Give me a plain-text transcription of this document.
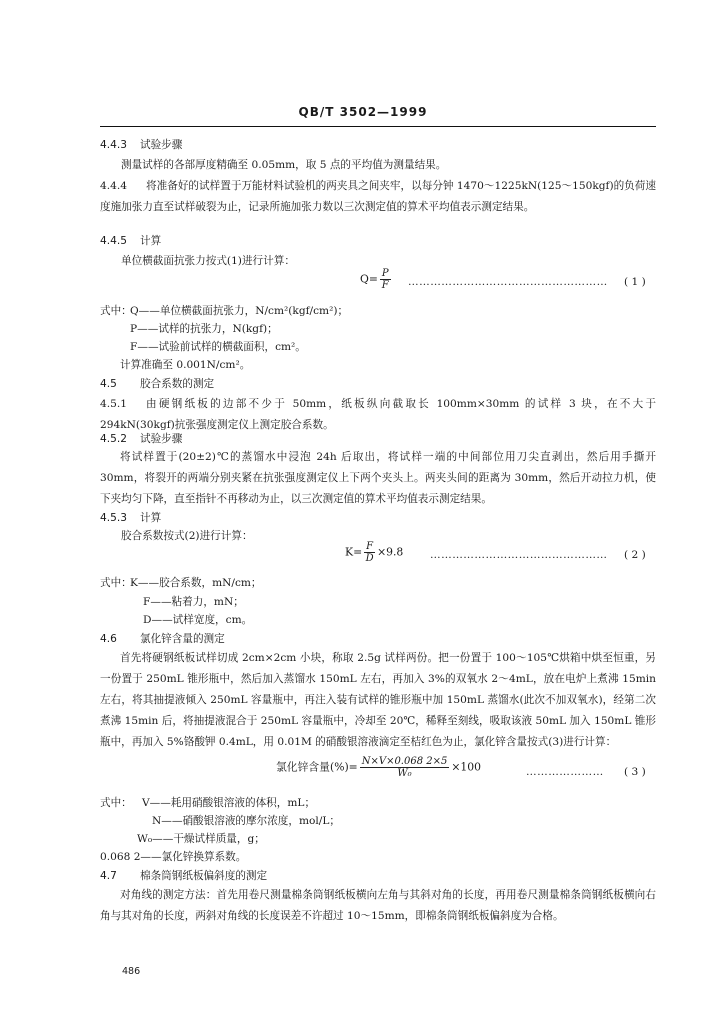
QB/T 3502—1999
4.4.3 试验步骤
测量试样的各部厚度精确至 0.05mm，取 5 点的平均值为测量结果。
4.4.4	将准备好的试样置于万能材料试验机的两夹具之间夹牢，以每分钟 1470～1225kN(125～150kgf)的负荷速度施加张力直至试样破裂为止，记录所施加张力数以三次测定值的算术平均值表示测定结果。
4.4.5 计算
单位横截面抗张力按式(1)进行计算：
$Q= \frac{P}{F}$ ……………………………………………… ( 1 )
式中：
Q——单位横截面抗张力，N/cm²(kgf/cm²)；
P——试样的抗张力，N(kgf)；
F——试验前试样的横截面积，cm²。
计算准确至 0.001N/cm²。
4.5 胶合系数的测定
4.5.1	由硬钢纸板的边部不少于 50mm，纸板纵向截取长 100mm×30mm 的试样 3 块，在不大于 294kN(30kgf)抗张强度测定仪上测定胶合系数。
4.5.2 试验步骤
将试样置于(20±2)℃的蒸馏水中浸泡 24h 后取出，将试样一端的中间部位用刀尖直剥出，然后用手撕开 30mm，将裂开的两端分别夹紧在抗张强度测定仪上下两个夹头上。两夹头间的距离为 30mm，然后开动拉力机，使下夹均匀下降，直至指针不再移动为止，以三次测定值的算术平均值表示测定结果。
4.5.3 计算
胶合系数按式(2)进行计算：
$K= \frac{F}{D} \times 9.8$	………………………………………… ( 2 )
式中：
K——胶合系数，mN/cm；
F——粘着力，mN；
D——试样宽度，cm。
4.6 氯化锌含量的测定
首先将硬钢纸板试样切成 2cm×2cm 小块，称取 2.5g 试样两份。把一份置于 100～105℃烘箱中烘至恒重，另一份置于 250mL 锥形瓶中，然后加入蒸馏水 150mL 左右，再加入 3%的双氧水 2～4mL，放在电炉上煮沸 15min 左右，将其抽提液倾入 250mL 容量瓶中，再注入装有试样的锥形瓶中加 150mL 蒸馏水(此次不加双氧水)，经第二次煮沸 15min 后，将抽提液混合于 250mL 容量瓶中，冷却至 20℃，稀释至刻线，吸取该液 50mL 加入 150mL 锥形瓶中，再加入 5%铬酸钾 0.4mL，用 0.01M 的硝酸银溶液滴定至桔红色为止，氯化锌含量按式(3)进行计算：
氯化锌含量(%)= $\frac{N\times V\times 0.068 2\times 5}{\text{W₀}} \times 100$	………………… ( 3 )
式中： V——耗用硝酸银溶液的体积，mL；
N——硝酸银溶液的摩尔浓度，mol/L；
W₀——干燥试样质量，g；
0.068 2——氯化锌换算系数。
4.7 棉条筒钢纸板偏斜度的测定
对角线的测定方法：首先用卷尺测量棉条筒钢纸板横向左角与其斜对角的长度，再用卷尺测量棉条筒钢纸板横向右角与其对角的长度，两斜对角线的长度误差不许超过 10～15mm，即棉条筒钢纸板偏斜度为合格。
486
